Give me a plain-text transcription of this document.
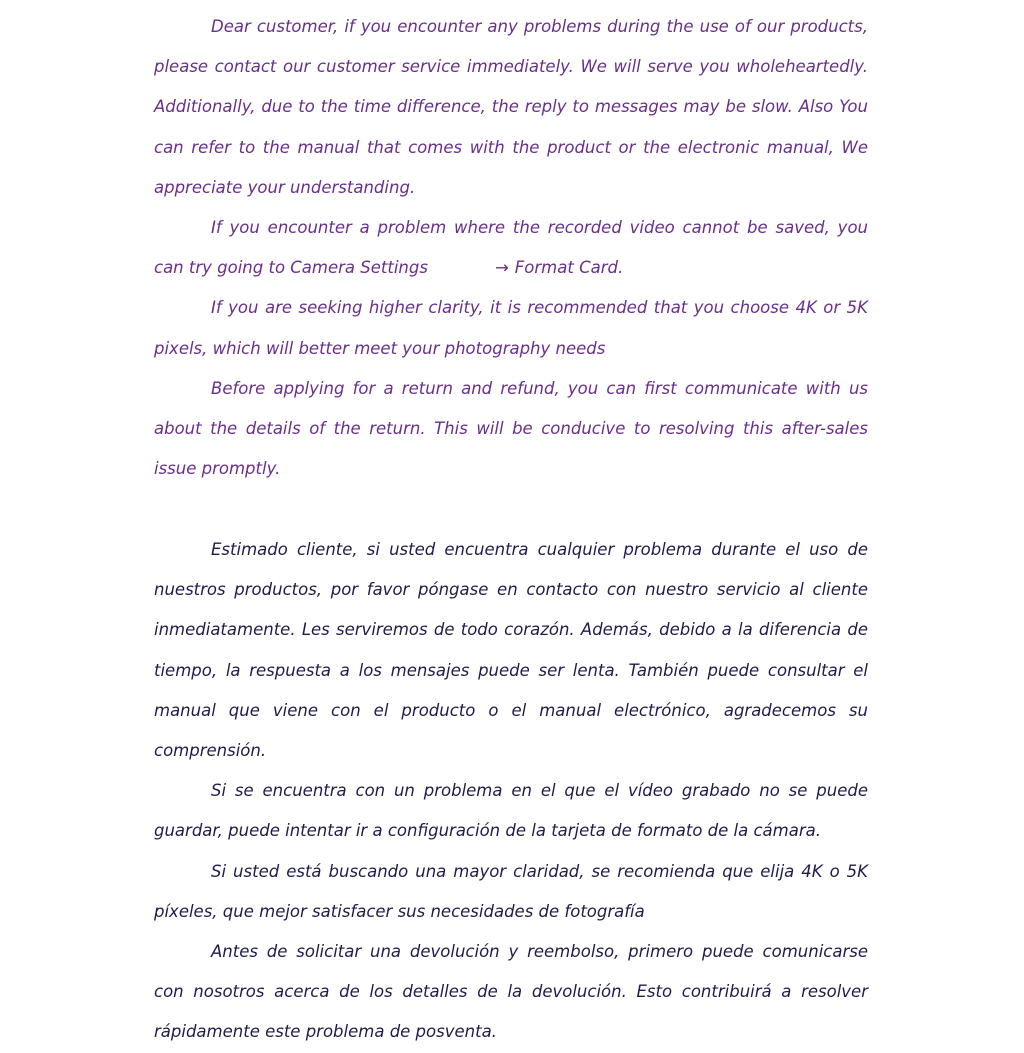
Dear customer, if you encounter any problems during the use of our products, please contact our customer service immediately. We will serve you wholeheartedly. Additionally, due to the time difference, the reply to messages may be slow. Also You can refer to the manual that comes with the product or the electronic manual, We appreciate your understanding.

If you encounter a problem where the recorded video cannot be saved, you can try going to Camera Settings	→ Format Card.

If you are seeking higher clarity, it is recommended that you choose 4K or 5K pixels, which will better meet your photography needs

Before applying for a return and refund, you can first communicate with us about the details of the return. This will be conducive to resolving this after-sales issue promptly.

Estimado cliente, si usted encuentra cualquier problema durante el uso de nuestros productos, por favor póngase en contacto con nuestro servicio al cliente inmediatamente. Les serviremos de todo corazón. Además, debido a la diferencia de tiempo, la respuesta a los mensajes puede ser lenta. También puede consultar el manual que viene con el producto o el manual electrónico, agradecemos su comprensión.

Si se encuentra con un problema en el que el vídeo grabado no se puede guardar, puede intentar ir a configuración de la tarjeta de formato de la cámara.

Si usted está buscando una mayor claridad, se recomienda que elija 4K o 5K píxeles, que mejor satisfacer sus necesidades de fotografía

Antes de solicitar una devolución y reembolso, primero puede comunicarse con nosotros acerca de los detalles de la devolución. Esto contribuirá a resolver rápidamente este problema de posventa.
